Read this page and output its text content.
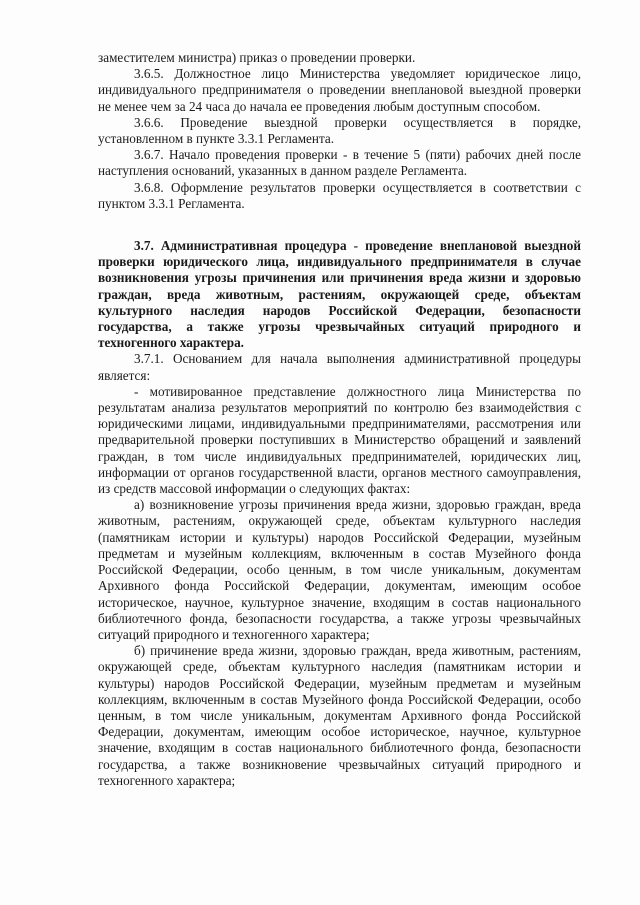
заместителем министра) приказ о проведении проверки.

3.6.5. Должностное лицо Министерства уведомляет юридическое лицо, индивидуального предпринимателя о проведении внеплановой выездной проверки не менее чем за 24 часа до начала ее проведения любым доступным способом.

3.6.6. Проведение выездной проверки осуществляется в порядке, установленном в пункте 3.3.1 Регламента.

3.6.7. Начало проведения проверки - в течение 5 (пяти) рабочих дней после наступления оснований, указанных в данном разделе Регламента.

3.6.8. Оформление результатов проверки осуществляется в соответствии с пунктом 3.3.1 Регламента.

3.7. Административная процедура - проведение внеплановой выездной проверки юридического лица, индивидуального предпринимателя в случае возникновения угрозы причинения или причинения вреда жизни и здоровью граждан, вреда животным, растениям, окружающей среде, объектам культурного наследия народов Российской Федерации, безопасности государства, а также угрозы чрезвычайных ситуаций природного и техногенного характера.

3.7.1. Основанием для начала выполнения административной процедуры является:

- мотивированное представление должностного лица Министерства по результатам анализа результатов мероприятий по контролю без взаимодействия с юридическими лицами, индивидуальными предпринимателями, рассмотрения или предварительной проверки поступивших в Министерство обращений и заявлений граждан, в том числе индивидуальных предпринимателей, юридических лиц, информации от органов государственной власти, органов местного самоуправления, из средств массовой информации о следующих фактах:

а) возникновение угрозы причинения вреда жизни, здоровью граждан, вреда животным, растениям, окружающей среде, объектам культурного наследия (памятникам истории и культуры) народов Российской Федерации, музейным предметам и музейным коллекциям, включенным в состав Музейного фонда Российской Федерации, особо ценным, в том числе уникальным, документам Архивного фонда Российской Федерации, документам, имеющим особое историческое, научное, культурное значение, входящим в состав национального библиотечного фонда, безопасности государства, а также угрозы чрезвычайных ситуаций природного и техногенного характера;

б) причинение вреда жизни, здоровью граждан, вреда животным, растениям, окружающей среде, объектам культурного наследия (памятникам истории и культуры) народов Российской Федерации, музейным предметам и музейным коллекциям, включенным в состав Музейного фонда Российской Федерации, особо ценным, в том числе уникальным, документам Архивного фонда Российской Федерации, документам, имеющим особое историческое, научное, культурное значение, входящим в состав национального библиотечного фонда, безопасности государства, а также возникновение чрезвычайных ситуаций природного и техногенного характера;
